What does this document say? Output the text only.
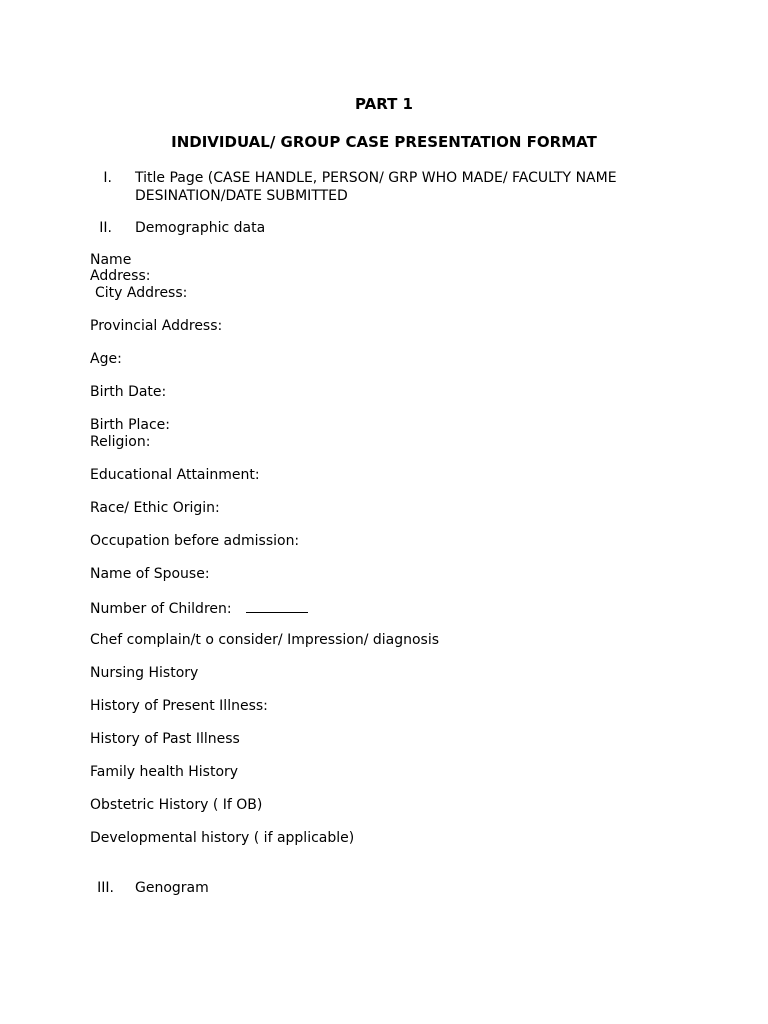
PART 1
INDIVIDUAL/ GROUP CASE PRESENTATION FORMAT
I. Title Page (CASE HANDLE, PERSON/ GRP WHO MADE/ FACULTY NAME DESINATION/DATE SUBMITTED
II. Demographic data
Name
Address:
City Address:
Provincial Address:
Age:
Birth Date:
Birth Place:
Religion:
Educational Attainment:
Race/ Ethic Origin:
Occupation before admission:
Name of Spouse:
Number of Children:
Chef complain/t o consider/ Impression/ diagnosis
Nursing History
History of Present Illness:
History of Past Illness
Family health History
Obstetric History ( If OB)
Developmental history ( if applicable)
III. Genogram
